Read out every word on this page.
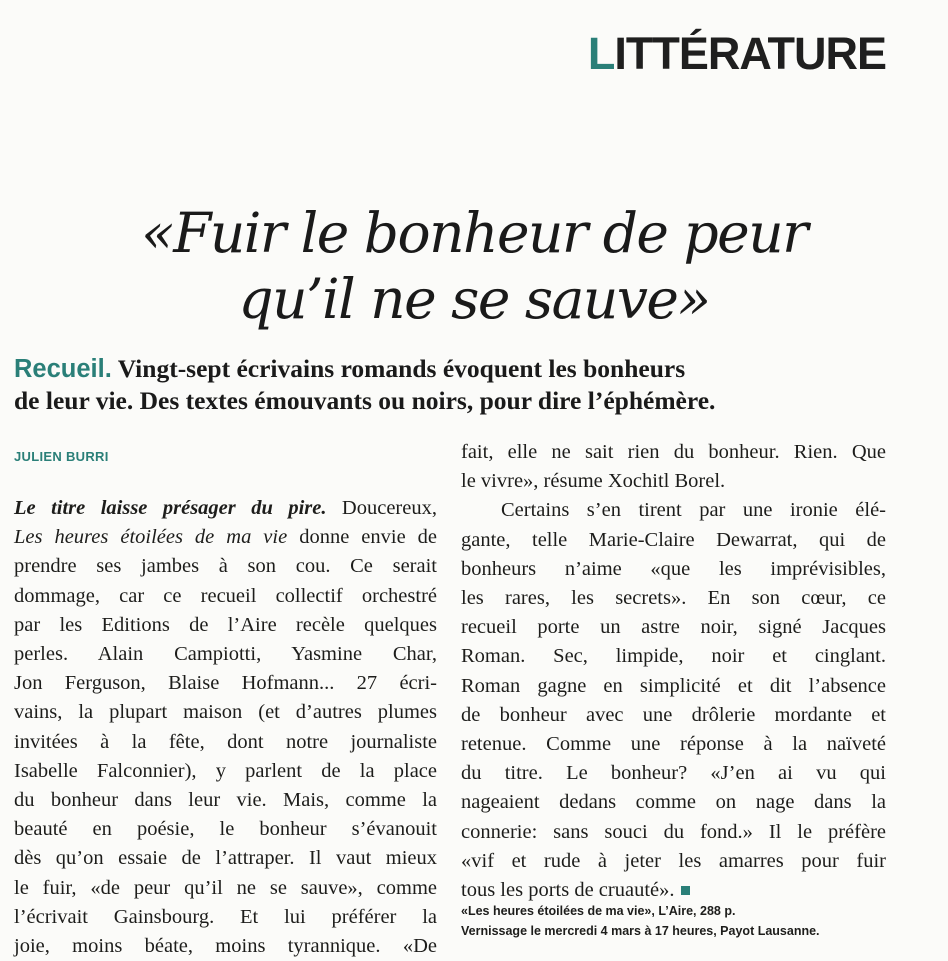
LITTÉRATURE
«Fuir le bonheur de peur
qu’il ne se sauve»
Recueil. Vingt-sept écrivains romands évoquent les bonheurs
de leur vie. Des textes émouvants ou noirs, pour dire l’éphémère.
JULIEN BURRI
Le titre laisse présager du pire. Doucereux,
Les heures étoilées de ma vie donne envie de
prendre ses jambes à son cou. Ce serait
dommage, car ce recueil collectif orchestré
par les Editions de l’Aire recèle quelques
perles. Alain Campiotti, Yasmine Char,
Jon Ferguson, Blaise Hofmann... 27 écri-
vains, la plupart maison (et d’autres plumes
invitées à la fête, dont notre journaliste
Isabelle Falconnier), y parlent de la place
du bonheur dans leur vie. Mais, comme la
beauté en poésie, le bonheur s’évanouit
dès qu’on essaie de l’attraper. Il vaut mieux
le fuir, «de peur qu’il ne se sauve», comme
l’écrivait Gainsbourg. Et lui préférer la
joie, moins béate, moins tyrannique. «De
fait, elle ne sait rien du bonheur. Rien. Que
le vivre», résume Xochitl Borel.
Certains s’en tirent par une ironie élé-
gante, telle Marie-Claire Dewarrat, qui de
bonheurs n’aime «que les imprévisibles,
les rares, les secrets». En son cœur, ce
recueil porte un astre noir, signé Jacques
Roman. Sec, limpide, noir et cinglant.
Roman gagne en simplicité et dit l’absence
de bonheur avec une drôlerie mordante et
retenue. Comme une réponse à la naïveté
du titre. Le bonheur? «J’en ai vu qui
nageaient dedans comme on nage dans la
connerie: sans souci du fond.» Il le préfère
«vif et rude à jeter les amarres pour fuir
tous les ports de cruauté».
«Les heures étoilées de ma vie», L’Aire, 288 p.
Vernissage le mercredi 4 mars à 17 heures, Payot Lausanne.
